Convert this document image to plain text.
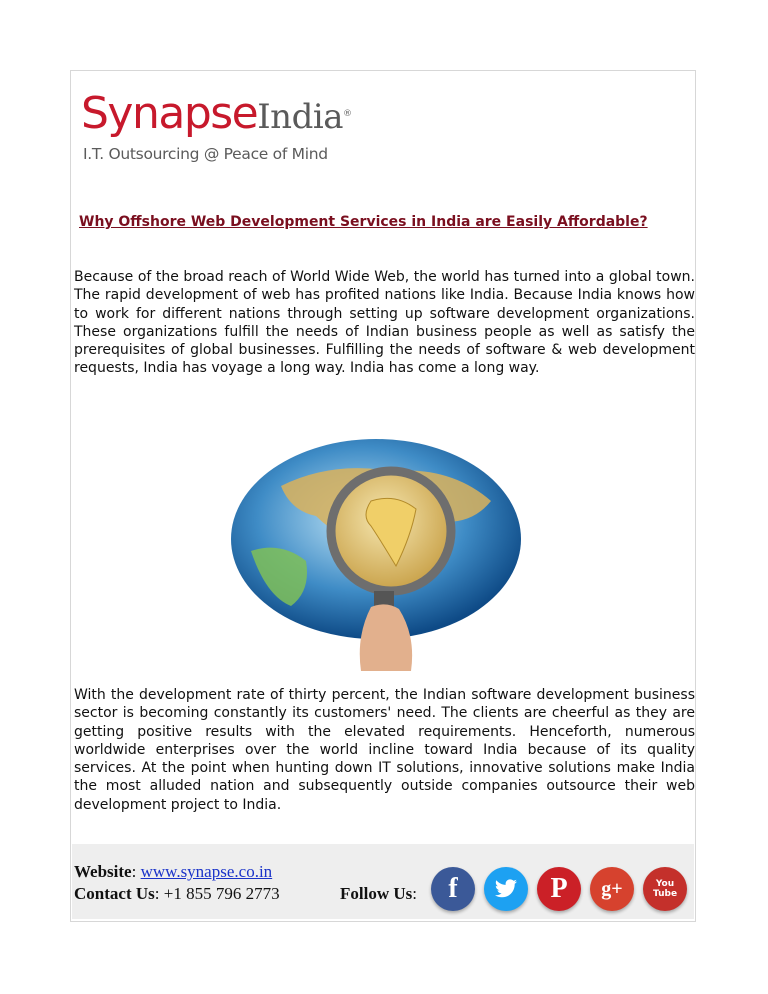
SynapseIndia®
I.T. Outsourcing @ Peace of Mind
Why Offshore Web Development Services in India are Easily Affordable?

Because of the broad reach of World Wide Web, the world has turned into a global town. The rapid development of web has profited nations like India. Because India knows how to work for different nations through setting up software development organizations. These organizations fulfill the needs of Indian business people as well as satisfy the prerequisites of global businesses. Fulfilling the needs of software & web development requests, India has voyage a long way. India has come a long way.

With the development rate of thirty percent, the Indian software development business sector is becoming constantly its customers' need. The clients are cheerful as they are getting positive results with the elevated requirements. Henceforth, numerous worldwide enterprises over the world incline toward India because of its quality services. At the point when hunting down IT solutions, innovative solutions make India the most alluded nation and subsequently outside companies outsource their web development project to India.

Website: www.synapse.co.in
Contact Us: +1 855 796 2773	Follow Us: f	P g+	You Tube
